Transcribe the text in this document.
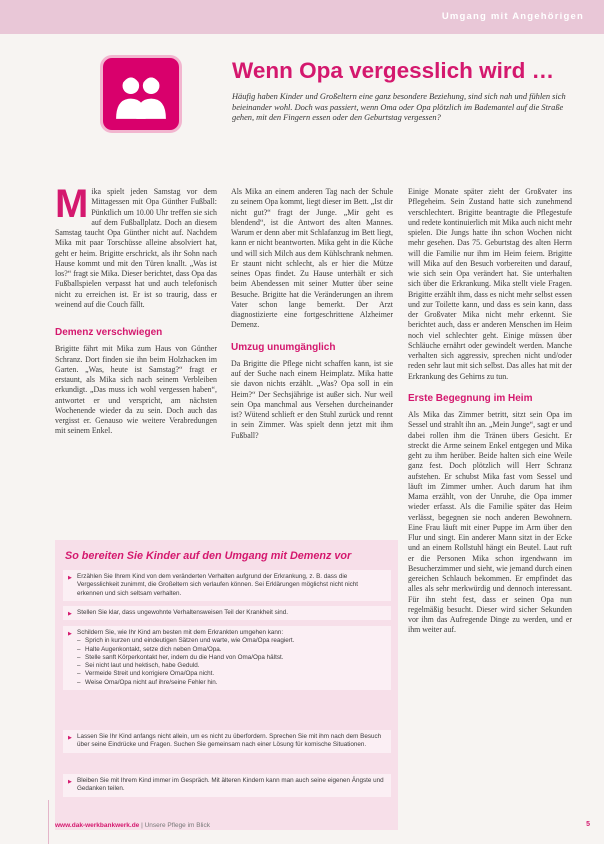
Umgang mit Angehörigen
Wenn Opa vergesslich wird …
Häufig haben Kinder und Großeltern eine ganz besondere Beziehung, sind sich nah und fühlen sich beieinander wohl. Doch was passiert, wenn Oma oder Opa plötzlich im Bademantel auf die Straße gehen, mit den Fingern essen oder den Geburtstag vergessen?

Mika spielt jeden Samstag vor dem Mittagessen mit Opa Günther Fußball: Pünktlich um 10.00 Uhr treffen sie sich auf dem Fußballplatz. Doch an diesem Samstag taucht Opa Günther nicht auf. Nachdem Mika mit paar Torschüsse alleine absolviert hat, geht er heim. Brigitte erschrickt, als ihr Sohn nach Hause kommt und mit den Türen knallt. „Was ist los?“ fragt sie Mika. Dieser berichtet, dass Opa das Fußballspielen verpasst hat und auch telefonisch nicht zu erreichen ist. Er ist so traurig, dass er weinend auf die Couch fällt.

Demenz verschwiegen

Brigitte fährt mit Mika zum Haus von Günther Schranz. Dort finden sie ihn beim Holzhacken im Garten. „Was, heute ist Samstag?“ fragt er erstaunt, als Mika sich nach seinem Verbleiben erkundigt. „Das muss ich wohl vergessen haben“, antwortet er und verspricht, am nächsten Wochenende wieder da zu sein. Doch auch das vergisst er. Genauso wie weitere Verabredungen mit seinem Enkel.

Als Mika an einem anderen Tag nach der Schule zu seinem Opa kommt, liegt dieser im Bett. „Ist dir nicht gut?“ fragt der Junge. „Mir geht es blendend“, ist die Antwort des alten Mannes. Warum er denn aber mit Schlafanzug im Bett liegt, kann er nicht beantworten. Mika geht in die Küche und will sich Milch aus dem Kühlschrank nehmen. Er staunt nicht schlecht, als er hier die Mütze seines Opas findet. Zu Hause unterhält er sich beim Abendessen mit seiner Mutter über seine Besuche. Brigitte hat die Veränderungen an ihrem Vater schon lange bemerkt. Der Arzt diagnostizierte eine fortgeschrittene Alzheimer Demenz.

Umzug unumgänglich

Da Brigitte die Pflege nicht schaffen kann, ist sie auf der Suche nach einem Heimplatz. Mika hatte sie davon nichts erzählt. „Was? Opa soll in ein Heim?“ Der Sechsjährige ist außer sich. Nur weil sein Opa manchmal aus Versehen durcheinander ist? Wütend schlieft er den Stuhl zurück und rennt in sein Zimmer. Was spielt denn jetzt mit ihm Fußball?

Einige Monate später zieht der Großvater ins Pflegeheim. Sein Zustand hatte sich zunehmend verschlechtert. Brigitte beantragte die Pflegestufe und redete kontinuierlich mit Mika auch nicht mehr spielen. Die Jungs hatte ihn schon Wochen nicht mehr gesehen. Das 75. Geburtstag des alten Herrn will die Familie nur ihm im Heim feiern. Brigitte will Mika auf den Besuch vorbereiten und darauf, wie sich sein Opa verändert hat. Sie unterhalten sich über die Erkrankung. Mika stellt viele Fragen. Brigitte erzählt ihm, dass es nicht mehr selbst essen und zur Toilette kann, und dass es sein kann, dass der Großvater Mika nicht mehr erkennt. Sie berichtet auch, dass er anderen Menschen im Heim noch viel schlechter geht. Einige müssen über Schläuche ernährt oder gewindelt werden. Manche verhalten sich aggressiv, sprechen nicht und/oder reden sehr laut mit sich selbst. Das alles hat mit der Erkrankung des Gehirns zu tun.

Erste Begegnung im Heim

Als Mika das Zimmer betritt, sitzt sein Opa im Sessel und strahlt ihn an. „Mein Junge“, sagt er und dabei rollen ihm die Tränen übers Gesicht. Er streckt die Arme seinem Enkel entgegen und Mika geht zu ihm herüber. Beide halten sich eine Weile ganz fest. Doch plötzlich will Herr Schranz aufstehen. Er schubst Mika fast vom Sessel und läuft im Zimmer umher. Auch darum hat ihm Mama erzählt, von der Unruhe, die Opa immer wieder erfasst. Als die Familie später das Heim verlässt, begegnen sie noch anderen Bewohnern. Eine Frau läuft mit einer Puppe im Arm über den Flur und singt. Ein anderer Mann sitzt in der Ecke und an einem Rollstuhl hängt ein Beutel. Laut ruft er die Personen Mika schon irgendwann im Besucherzimmer und sieht, wie jemand durch einen gereichen Schlauch bekommen. Er empfindet das alles als sehr merkwürdig und dennoch interessant. Für ihn steht fest, dass er seinen Opa nun regelmäßig besucht. Dieser wird sicher Sekunden vor ihm das Aufregende Dinge zu werden, und er ihm weiter auf.

So bereiten Sie Kinder auf den Umgang mit Demenz vor
▶ Erzählen Sie Ihrem Kind von dem veränderten Verhalten aufgrund der Erkrankung, z. B. dass die Vergesslichkeit zunimmt, die Großeltern sich verlaufen können. Sei Erklärungen möglichst nicht nicht erkennen und sich seltsam verhalten.
▶ Stellen Sie klar, dass ungewohnte Verhaltensweisen Teil der Krankheit sind.
▶ Schildern Sie, wie Ihr Kind am besten mit dem Erkrankten umgehen kann:
– Sprich in kurzen und eindeutigen Sätzen und warte, wie Oma/Opa reagiert.
– Halte Augenkontakt, setze dich neben Oma/Opa.
– Stelle sanft Körperkontakt her, indem du die Hand von Oma/Opa hältst.
– Sei nicht laut und hektisch, habe Geduld.
– Vermeide Streit und korrigiere Oma/Opa nicht.
– Weise Oma/Opa nicht auf ihre/seine Fehler hin.
▶ Lassen Sie Ihr Kind anfangs nicht allein, um es nicht zu überfordern. Sprechen Sie mit ihm nach dem Besuch über seine Eindrücke und Fragen. Suchen Sie gemeinsam nach einer Lösung für komische Situationen.
▶ Bleiben Sie mit Ihrem Kind immer im Gespräch. Mit älteren Kindern kann man auch seine eigenen Ängste und Gedanken teilen.
www.dak-werkbankwerk.de | Unsere Pflege im Blick	5
